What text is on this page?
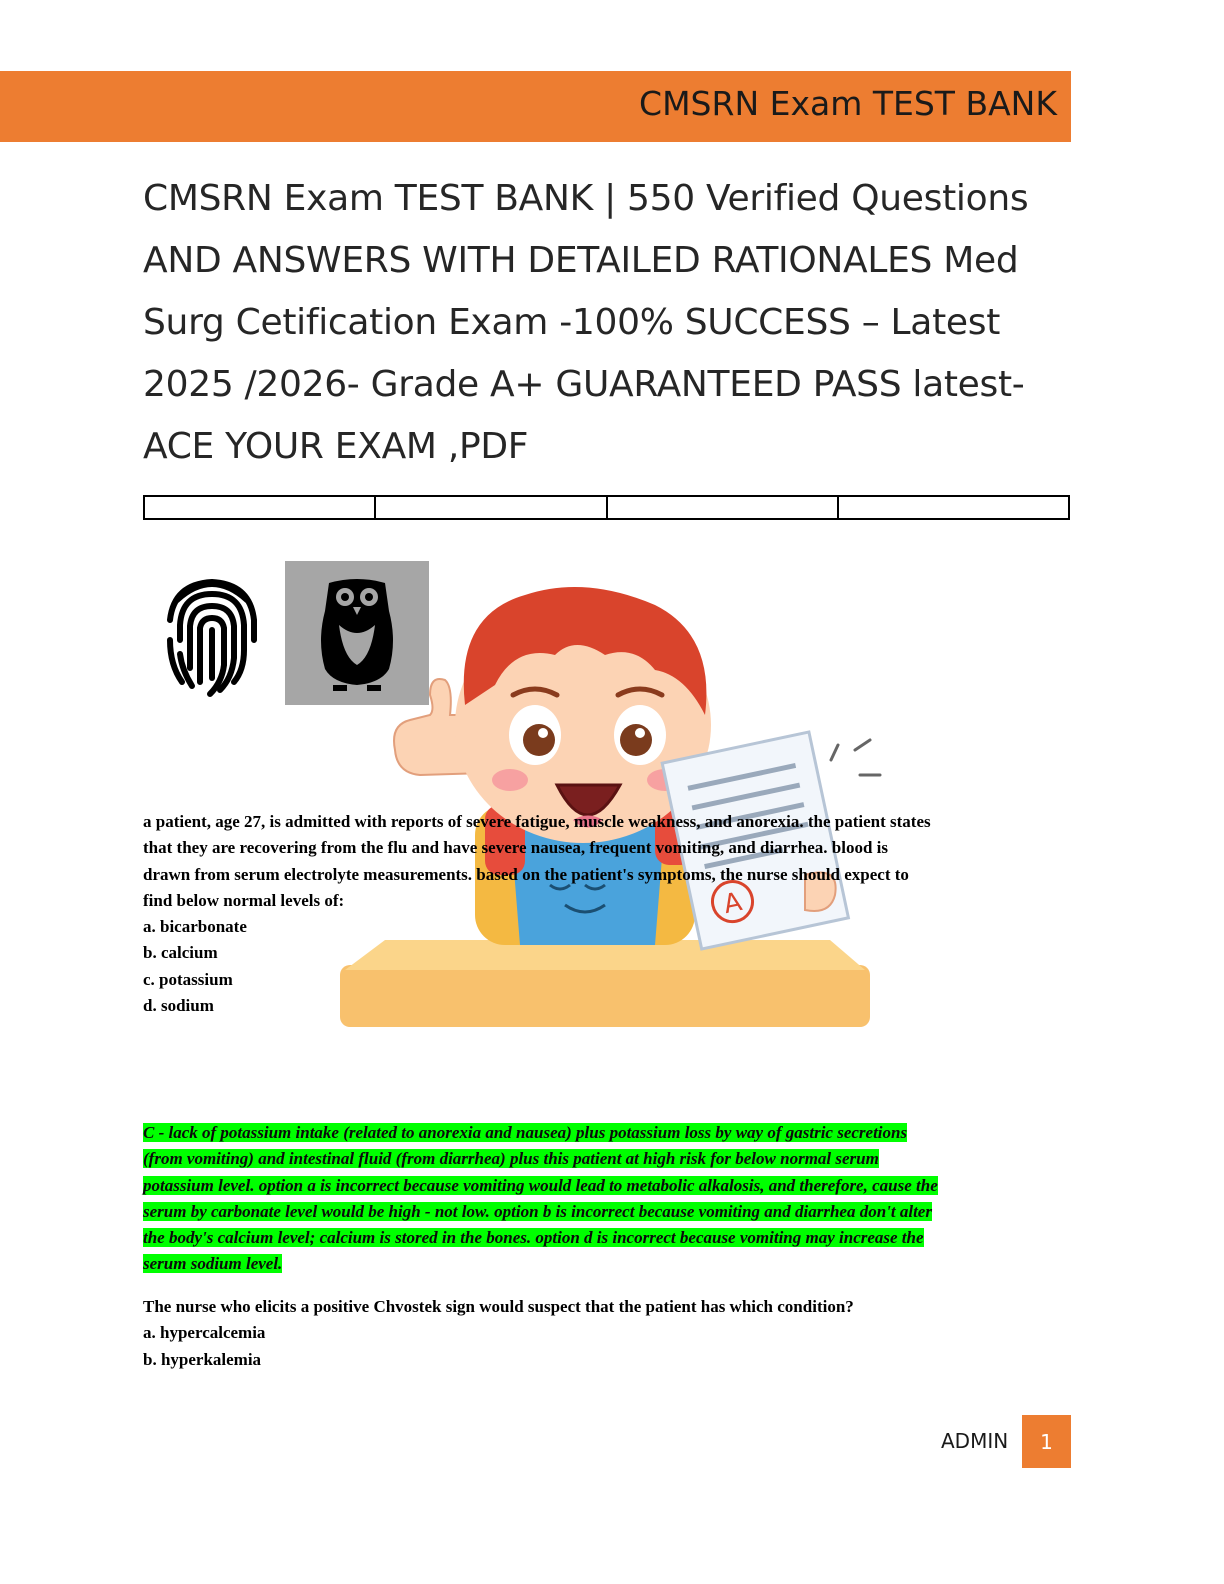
CMSRN Exam TEST BANK
CMSRN Exam TEST BANK | 550 Verified Questions
AND ANSWERS WITH DETAILED RATIONALES Med
Surg Cetification Exam -100% SUCCESS – Latest
2025 /2026- Grade A+ GUARANTEED PASS latest-
ACE YOUR EXAM ,PDF

A
a patient, age 27, is admitted with reports of severe fatigue, muscle weakness, and anorexia. the patient states
that they are recovering from the flu and have severe nausea, frequent vomiting, and diarrhea. blood is
drawn from serum electrolyte measurements. based on the patient's symptoms, the nurse should expect to
find below normal levels of:
a. bicarbonate
b. calcium
c. potassium
d. sodium
C - lack of potassium intake (related to anorexia and nausea) plus potassium loss by way of gastric secretions
(from vomiting) and intestinal fluid (from diarrhea) plus this patient at high risk for below normal serum
potassium level. option a is incorrect because vomiting would lead to metabolic alkalosis, and therefore, cause the
serum by carbonate level would be high - not low. option b is incorrect because vomiting and diarrhea don't alter
the body's calcium level; calcium is stored in the bones. option d is incorrect because vomiting may increase the
serum sodium level.
The nurse who elicits a positive Chvostek sign would suspect that the patient has which condition?
a. hypercalcemia
b. hyperkalemia
ADMIN	1
